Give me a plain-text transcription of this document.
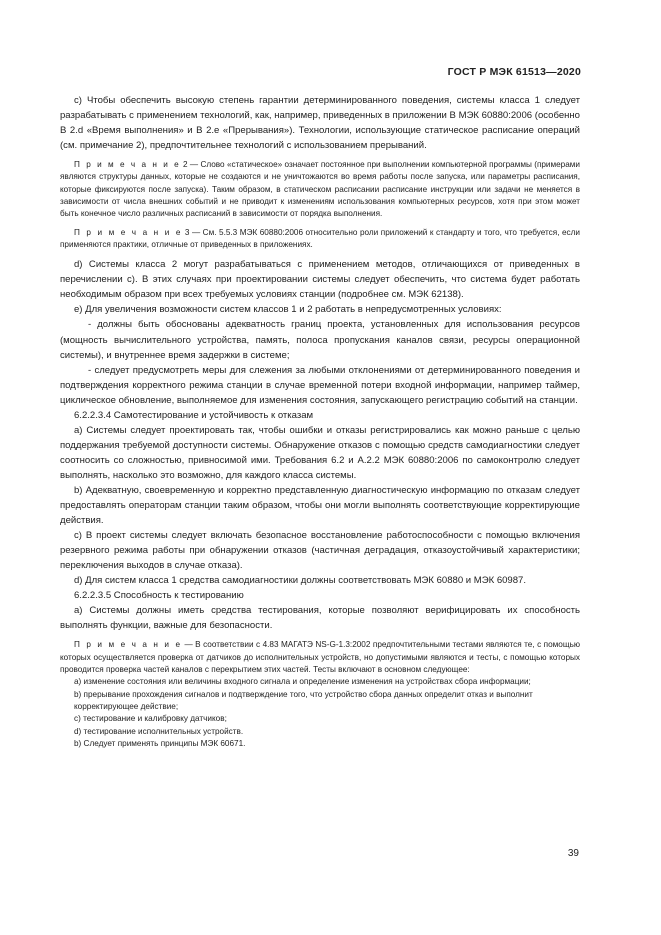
ГОСТ Р МЭК 61513—2020

c) Чтобы обеспечить высокую степень гарантии детерминированного поведения, системы класса 1 следует разрабатывать с применением технологий, как, например, приведенных в приложении В МЭК 60880:2006 (особенно В 2.d «Время выполнения» и В 2.е «Прерывания»). Технологии, использующие статическое расписание операций (см. примечание 2), предпочтительнее технологий с использованием прерываний.

П р и м е ч а н и е 2 — Слово «статическое» означает постоянное при выполнении компьютерной программы (примерами являются структуры данных, которые не создаются и не уничтожаются во время работы после запуска, или параметры расписания, которые фиксируются после запуска). Таким образом, в статическом расписании расписание инструкции или задачи не меняется в зависимости от числа внешних событий и не приводит к изменениям использования компьютерных ресурсов, хотя при этом может быть конечное число различных расписаний в зависимости от порядка выполнения.

П р и м е ч а н и е 3 — См. 5.5.3 МЭК 60880:2006 относительно роли приложений к стандарту и того, что требуется, если применяются практики, отличные от приведенных в приложениях.

d) Системы класса 2 могут разрабатываться с применением методов, отличающихся от приведенных в перечислении с). В этих случаях при проектировании системы следует обеспечить, что система будет работать необходимым образом при всех требуемых условиях станции (подробнее см. МЭК 62138).

e) Для увеличения возможности систем классов 1 и 2 работать в непредусмотренных условиях:

- должны быть обоснованы адекватность границ проекта, установленных для использования ресурсов (мощность вычислительного устройства, память, полоса пропускания каналов связи, ресурсы операционной системы), и внутреннее время задержки в системе;

- следует предусмотреть меры для слежения за любыми отклонениями от детерминированного поведения и подтверждения корректного режима станции в случае временной потери входной информации, например таймер, циклическое обновление, выполняемое для изменения состояния, запускающего регистрацию событий на станции.

6.2.2.3.4 Самотестирование и устойчивость к отказам

a) Системы следует проектировать так, чтобы ошибки и отказы регистрировались как можно раньше с целью поддержания требуемой доступности системы. Обнаружение отказов с помощью средств самодиагностики следует соотносить со сложностью, привносимой ими. Требования 6.2 и А.2.2 МЭК 60880:2006 по самоконтролю следует выполнять, насколько это возможно, для каждого класса системы.

b) Адекватную, своевременную и корректно представленную диагностическую информацию по отказам следует предоставлять операторам станции таким образом, чтобы они могли выполнять соответствующие корректирующие действия.

c) В проект системы следует включать безопасное восстановление работоспособности с помощью включения резервного режима работы при обнаружении отказов (частичная деградация, отказоустойчивый характеристики; переключения выходов в случае отказа).

d) Для систем класса 1 средства самодиагностики должны соответствовать МЭК 60880 и МЭК 60987.

6.2.2.3.5 Способность к тестированию

a) Системы должны иметь средства тестирования, которые позволяют верифицировать их способность выполнять функции, важные для безопасности.

П р и м е ч а н и е — В соответствии с 4.83 МАГАТЭ NS-G-1.3:2002 предпочтительными тестами являются те, с помощью которых осуществляется проверка от датчиков до исполнительных устройств, но допустимыми являются и тесты, с помощью которых проводится проверка частей каналов с перекрытием этих частей. Тесты включают в основном следующее:

a) изменение состояния или величины входного сигнала и определение изменения на устройствах сбора информации;

b) прерывание прохождения сигналов и подтверждение того, что устройство сбора данных определит отказ и выполнит корректирующее действие;

c) тестирование и калибровку датчиков;

d) тестирование исполнительных устройств.

b) Следует применять принципы МЭК 60671.

39
